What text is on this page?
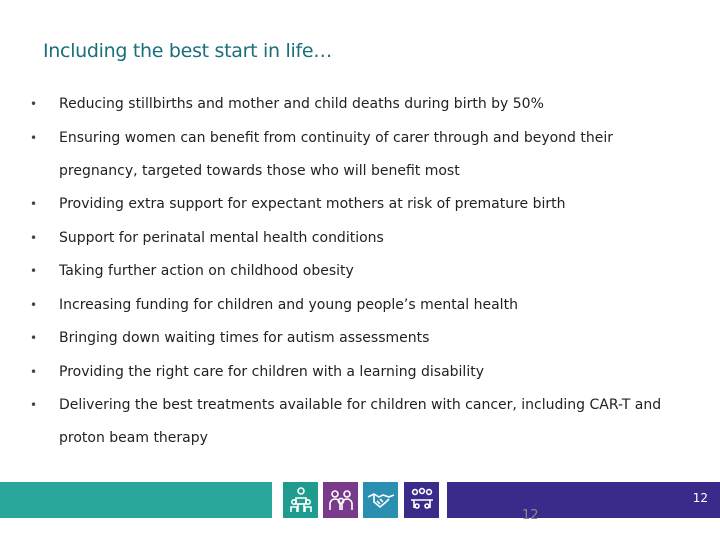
Including the best start in life…
• Reducing stillbirths and mother and child deaths during birth by 50%
• Ensuring women can benefit from continuity of carer through and beyond their pregnancy, targeted towards those who will benefit most
• Providing extra support for expectant mothers at risk of premature birth
• Support for perinatal mental health conditions
• Taking further action on childhood obesity
• Increasing funding for children and young people’s mental health
• Bringing down waiting times for autism assessments
• Providing the right care for children with a learning disability
• Delivering the best treatments available for children with cancer, including CAR-T and proton beam therapy
12
12
